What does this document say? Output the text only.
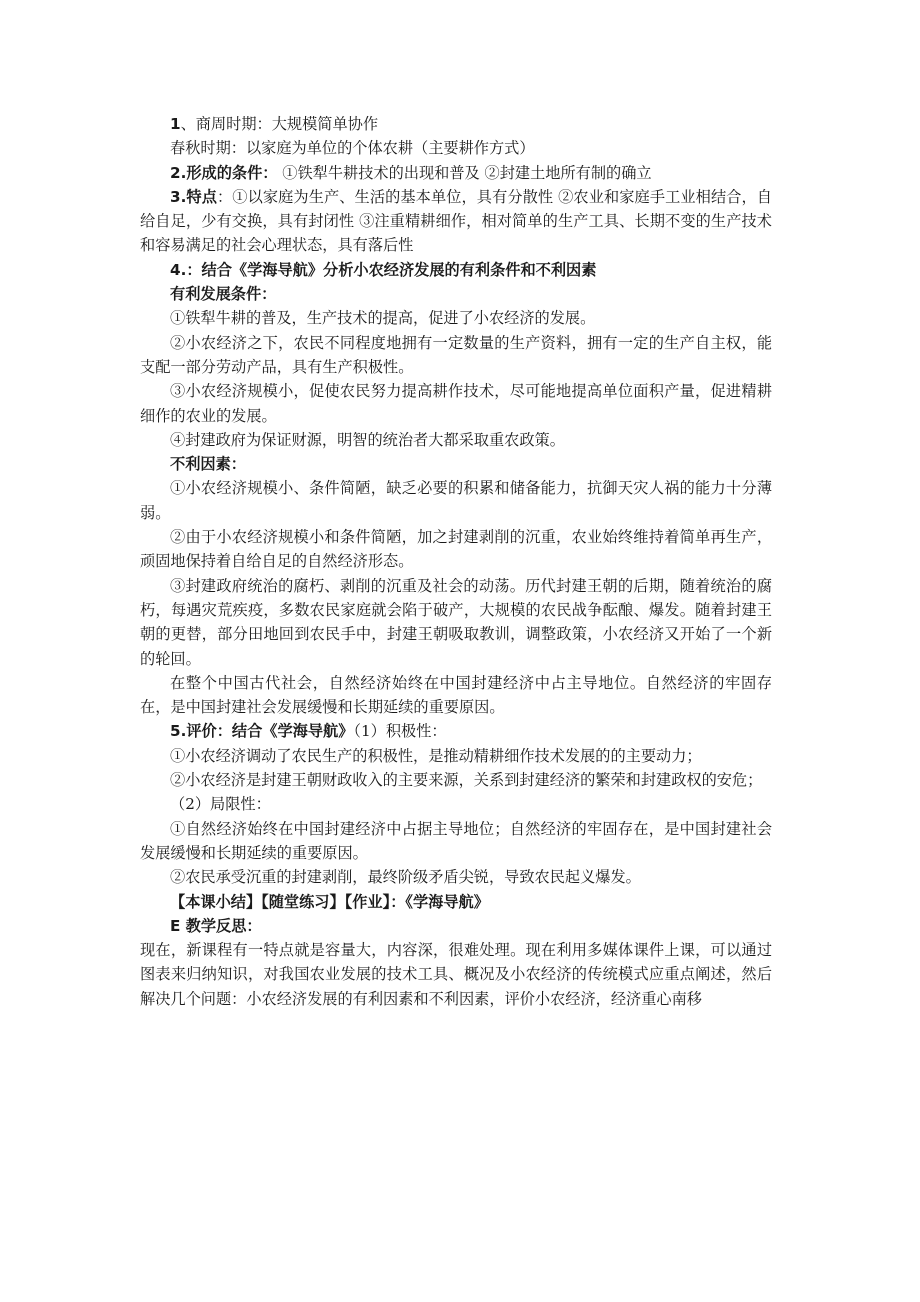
1、商周时期：大规模简单协作

春秋时期：以家庭为单位的个体农耕（主要耕作方式）

2.形成的条件： ①铁犁牛耕技术的出现和普及 ②封建土地所有制的确立

3.特点：①以家庭为生产、生活的基本单位，具有分散性 ②农业和家庭手工业相结合，自给自足，少有交换，具有封闭性 ③注重精耕细作，相对简单的生产工具、长期不变的生产技术和容易满足的社会心理状态，具有落后性

4.：结合《学海导航》分析小农经济发展的有利条件和不利因素

有利发展条件：

①铁犁牛耕的普及，生产技术的提高，促进了小农经济的发展。

②小农经济之下，农民不同程度地拥有一定数量的生产资料，拥有一定的生产自主权，能支配一部分劳动产品，具有生产积极性。

③小农经济规模小，促使农民努力提高耕作技术，尽可能地提高单位面积产量，促进精耕细作的农业的发展。

④封建政府为保证财源，明智的统治者大都采取重农政策。

不利因素：

①小农经济规模小、条件简陋，缺乏必要的积累和储备能力，抗御天灾人祸的能力十分薄弱。

②由于小农经济规模小和条件简陋，加之封建剥削的沉重，农业始终维持着简单再生产，顽固地保持着自给自足的自然经济形态。

③封建政府统治的腐朽、剥削的沉重及社会的动荡。历代封建王朝的后期，随着统治的腐朽，每遇灾荒疾疫，多数农民家庭就会陷于破产，大规模的农民战争酝酿、爆发。随着封建王朝的更替，部分田地回到农民手中，封建王朝吸取教训，调整政策，小农经济又开始了一个新的轮回。

在整个中国古代社会，自然经济始终在中国封建经济中占主导地位。自然经济的牢固存在，是中国封建社会发展缓慢和长期延续的重要原因。

5.评价：结合《学海导航》（1）积极性：

①小农经济调动了农民生产的积极性，是推动精耕细作技术发展的的主要动力；

②小农经济是封建王朝财政收入的主要来源，关系到封建经济的繁荣和封建政权的安危；

（2）局限性：

①自然经济始终在中国封建经济中占据主导地位；自然经济的牢固存在，是中国封建社会发展缓慢和长期延续的重要原因。

②农民承受沉重的封建剥削，最终阶级矛盾尖锐，导致农民起义爆发。

【本课小结】【随堂练习】【作业】：《学海导航》

E 教学反思：

现在，新课程有一特点就是容量大，内容深，很难处理。现在利用多媒体课件上课，可以通过图表来归纳知识，对我国农业发展的技术工具、概况及小农经济的传统模式应重点阐述，然后解决几个问题：小农经济发展的有利因素和不利因素，评价小农经济，经济重心南移
